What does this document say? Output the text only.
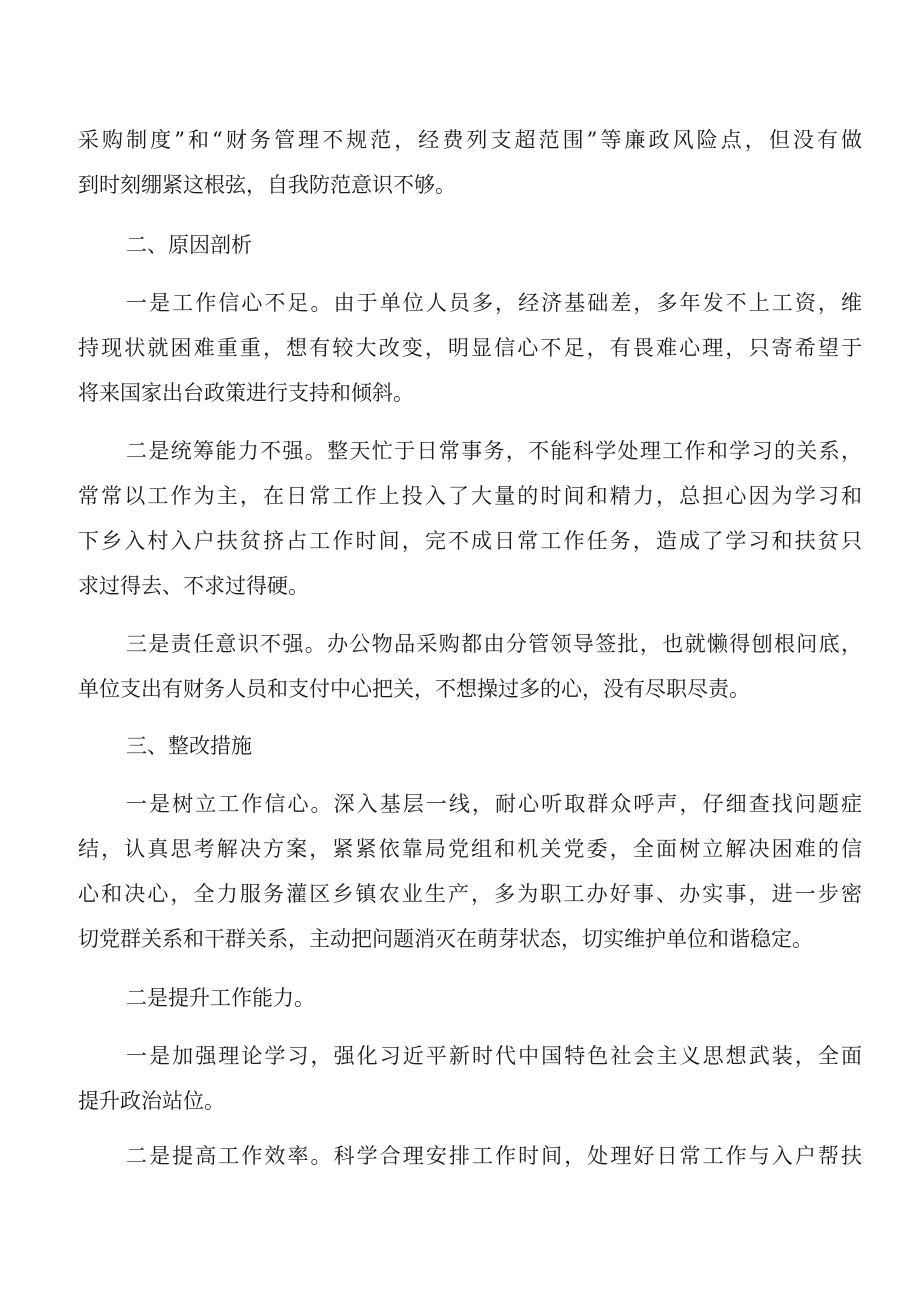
采购制度”和“财务管理不规范，经费列支超范围”等廉政风险点，但没有做

到时刻绷紧这根弦，自我防范意识不够。

二、原因剖析

一是工作信心不足。由于单位人员多，经济基础差，多年发不上工资，维

持现状就困难重重，想有较大改变，明显信心不足，有畏难心理，只寄希望于

将来国家出台政策进行支持和倾斜。

二是统筹能力不强。整天忙于日常事务，不能科学处理工作和学习的关系，

常常以工作为主，在日常工作上投入了大量的时间和精力，总担心因为学习和

下乡入村入户扶贫挤占工作时间，完不成日常工作任务，造成了学习和扶贫只

求过得去、不求过得硬。

三是责任意识不强。办公物品采购都由分管领导签批，也就懒得刨根问底，

单位支出有财务人员和支付中心把关，不想操过多的心，没有尽职尽责。

三、整改措施

一是树立工作信心。深入基层一线，耐心听取群众呼声，仔细查找问题症

结，认真思考解决方案，紧紧依靠局党组和机关党委，全面树立解决困难的信

心和决心，全力服务灌区乡镇农业生产，多为职工办好事、办实事，进一步密

切党群关系和干群关系，主动把问题消灭在萌芽状态，切实维护单位和谐稳定。

二是提升工作能力。

一是加强理论学习，强化习近平新时代中国特色社会主义思想武装，全面

提升政治站位。

二是提高工作效率。科学合理安排工作时间，处理好日常工作与入户帮扶
